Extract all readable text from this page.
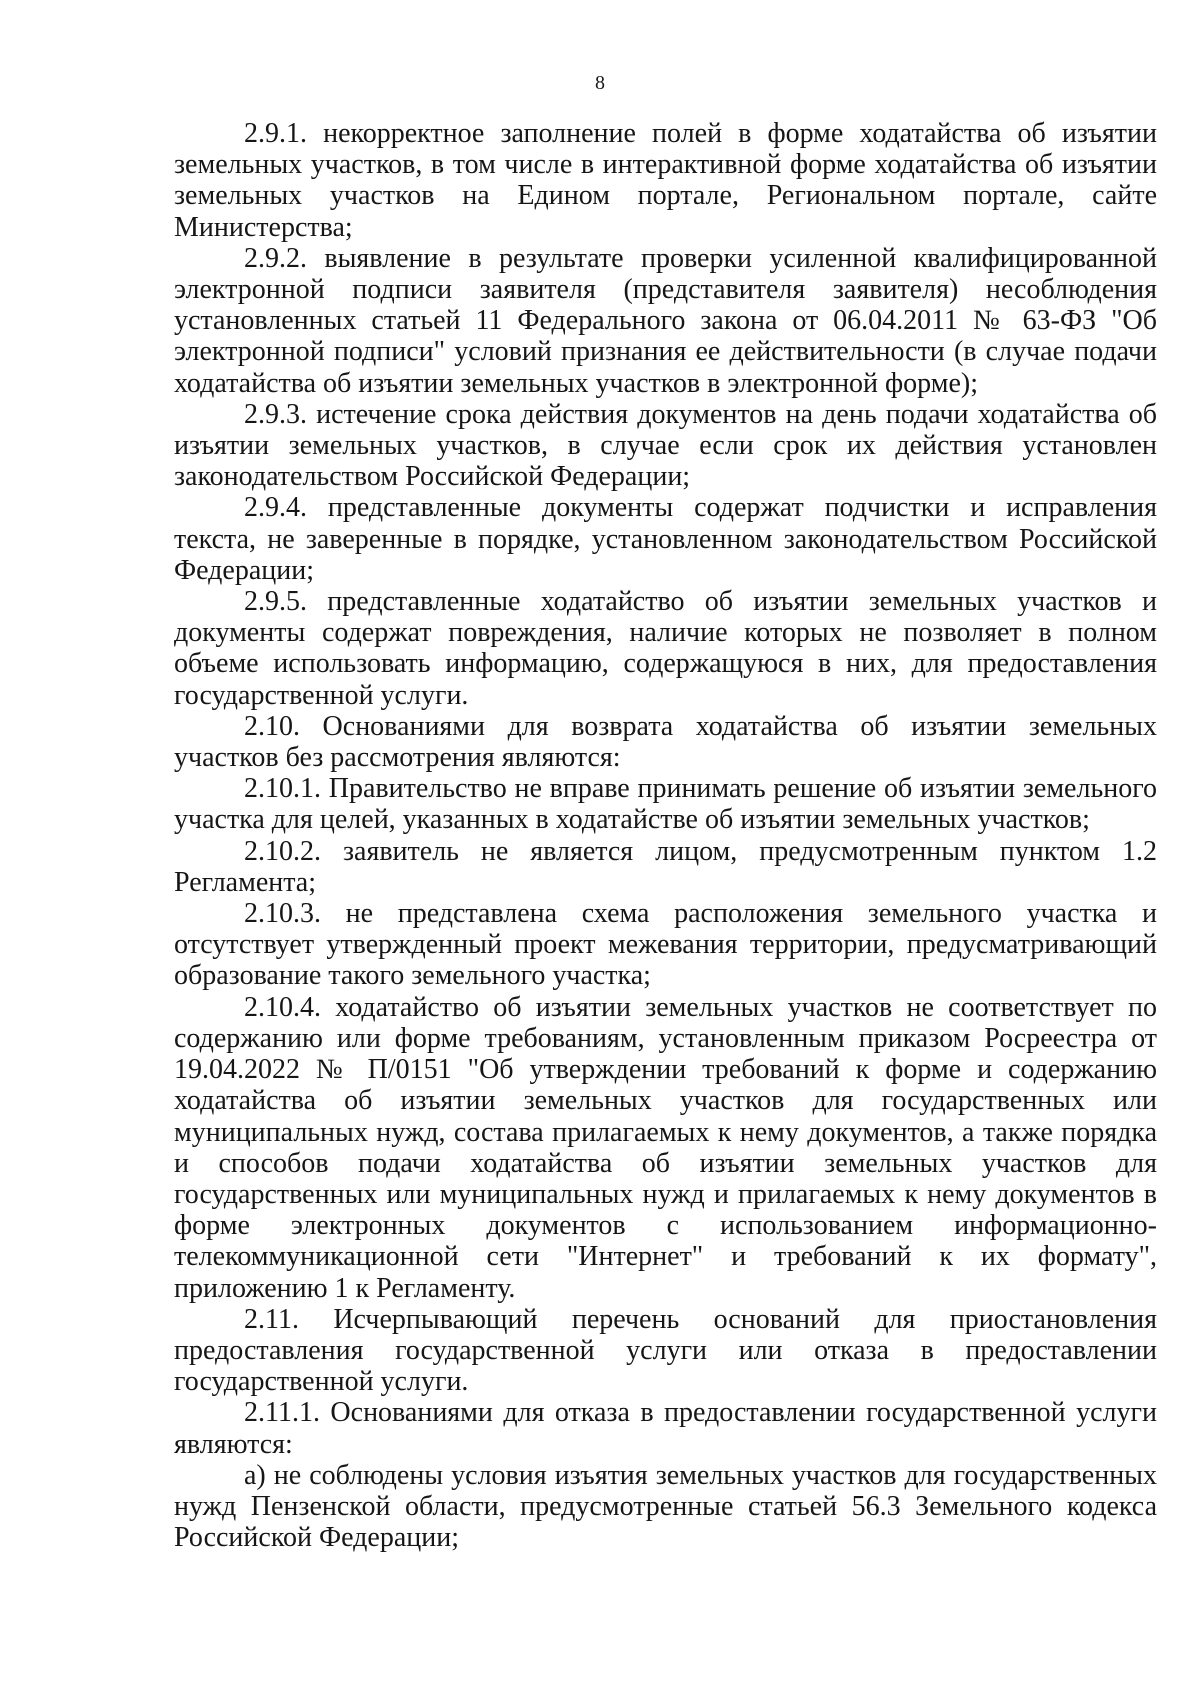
8

2.9.1. некорректное заполнение полей в форме ходатайства об изъятии земельных участков, в том числе в интерактивной форме ходатайства об изъятии земельных участков на Едином портале, Региональном портале, сайте Министерства;

2.9.2. выявление в результате проверки усиленной квалифицированной электронной подписи заявителя (представителя заявителя) несоблюдения установленных статьей 11 Федерального закона от 06.04.2011 № 63-ФЗ "Об электронной подписи" условий признания ее действительности (в случае подачи ходатайства об изъятии земельных участков в электронной форме);

2.9.3. истечение срока действия документов на день подачи ходатайства об изъятии земельных участков, в случае если срок их действия установлен законодательством Российской Федерации;

2.9.4. представленные документы содержат подчистки и исправления текста, не заверенные в порядке, установленном законодательством Российской Федерации;

2.9.5. представленные ходатайство об изъятии земельных участков и документы содержат повреждения, наличие которых не позволяет в полном объеме использовать информацию, содержащуюся в них, для предоставления государственной услуги.

2.10. Основаниями для возврата ходатайства об изъятии земельных участков без рассмотрения являются:

2.10.1. Правительство не вправе принимать решение об изъятии земельного участка для целей, указанных в ходатайстве об изъятии земельных участков;

2.10.2. заявитель не является лицом, предусмотренным пунктом 1.2 Регламента;

2.10.3. не представлена схема расположения земельного участка и отсутствует утвержденный проект межевания территории, предусматривающий образование такого земельного участка;

2.10.4. ходатайство об изъятии земельных участков не соответствует по содержанию или форме требованиям, установленным приказом Росреестра от 19.04.2022 № П/0151 "Об утверждении требований к форме и содержанию ходатайства об изъятии земельных участков для государственных или муниципальных нужд, состава прилагаемых к нему документов, а также порядка и способов подачи ходатайства об изъятии земельных участков для государственных или муниципальных нужд и прилагаемых к нему документов в форме электронных документов с использованием информационно-телекоммуникационной сети "Интернет" и требований к их формату", приложению 1 к Регламенту.

2.11. Исчерпывающий перечень оснований для приостановления предоставления государственной услуги или отказа в предоставлении государственной услуги.

2.11.1. Основаниями для отказа в предоставлении государственной услуги являются:

а) не соблюдены условия изъятия земельных участков для государственных нужд Пензенской области, предусмотренные статьей 56.3 Земельного кодекса Российской Федерации;
